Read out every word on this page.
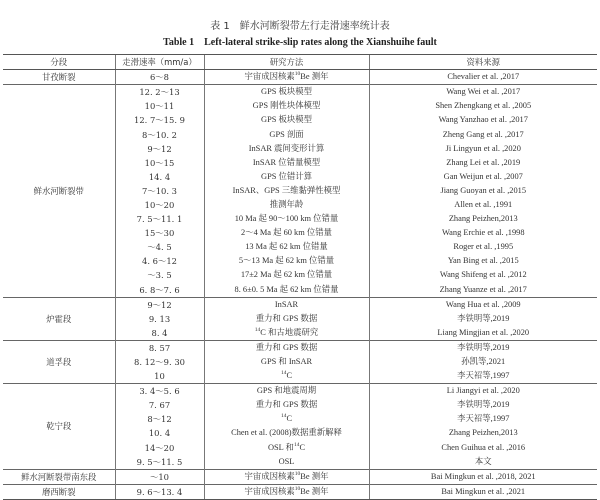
表 1　鲜水河断裂带左行走滑速率统计表
Table 1　Left-lateral strike-slip rates along the Xianshuihe fault
分段	走滑速率（mm/a）	研究方法	资料来源
甘孜断裂	6～8	宇宙成因核素$^{10}$Be 测年	Chevalier et al. ,2017
鲜水河断裂带	12. 2～13	GPS 板块模型	Wang Wei et al. ,2017
	10～11	GPS 刚性块体模型	Shen Zhengkang et al. ,2005
	12. 7～15. 9	GPS 板块模型	Wang Yanzhao et al. ,2017
	8～10. 2	GPS 剖面	Zheng Gang et al. ,2017
	9～12	InSAR 震间变形计算	Ji Lingyun et al. ,2020
	10～15	InSAR 位错量模型	Zhang Lei et al. ,2019
	14. 4	GPS 位错计算	Gan Weijun et al. ,2007
	7～10. 3	InSAR、GPS 三维黏弹性模型	Jiang Guoyan et al. ,2015
	10～20	推测年龄	Allen et al. ,1991
	7. 5～11. 1	10 Ma 起 90～100 km 位错量	Zhang Peizhen,2013
	15～30	2～4 Ma 起 60 km 位错量	Wang Erchie et al. ,1998
	～4. 5	13 Ma 起 62 km 位错量	Roger et al. ,1995
	4. 6～12	5～13 Ma 起 62 km 位错量	Yan Bing et al. ,2015
	～3. 5	17±2 Ma 起 62 km 位错量	Wang Shifeng et al. ,2012
	6. 8～7. 6	8. 6±0. 5 Ma 起 62 km 位错量	Zhang Yuanze et al. ,2017
炉霍段	9～12	InSAR	Wang Hua et al. ,2009
	9. 13	重力和 GPS 数据	李铁明等,2019
	8. 4	$^{14}$C 和古地震研究	Liang Mingjian et al. ,2020
道孚段	8. 57	重力和 GPS 数据	李铁明等,2019
	8. 12～9. 30	GPS 和 InSAR	孙凯等,2021
	10	$^{14}$C	李天祒等,1997
乾宁段	3. 4～5. 6	GPS 和地震周期	Li Jiangyi et al. ,2020
	7. 67	重力和 GPS 数据	李铁明等,2019
	8～12	$^{14}$C	李天祒等,1997
	10. 4	Chen et al. (2008)数据重新解释	Zhang Peizhen,2013
	14～20	OSL 和$^{14}$C	Chen Guihua et al. ,2016
	9. 5～11. 5	OSL	本文
鲜水河断裂带南东段	～10	宇宙成因核素$^{10}$Be 测年	Bai Mingkun et al. ,2018, 2021
磨西断裂	9. 6～13. 4	宇宙成因核素$^{10}$Be 测年	Bai Mingkun et al. ,2021
